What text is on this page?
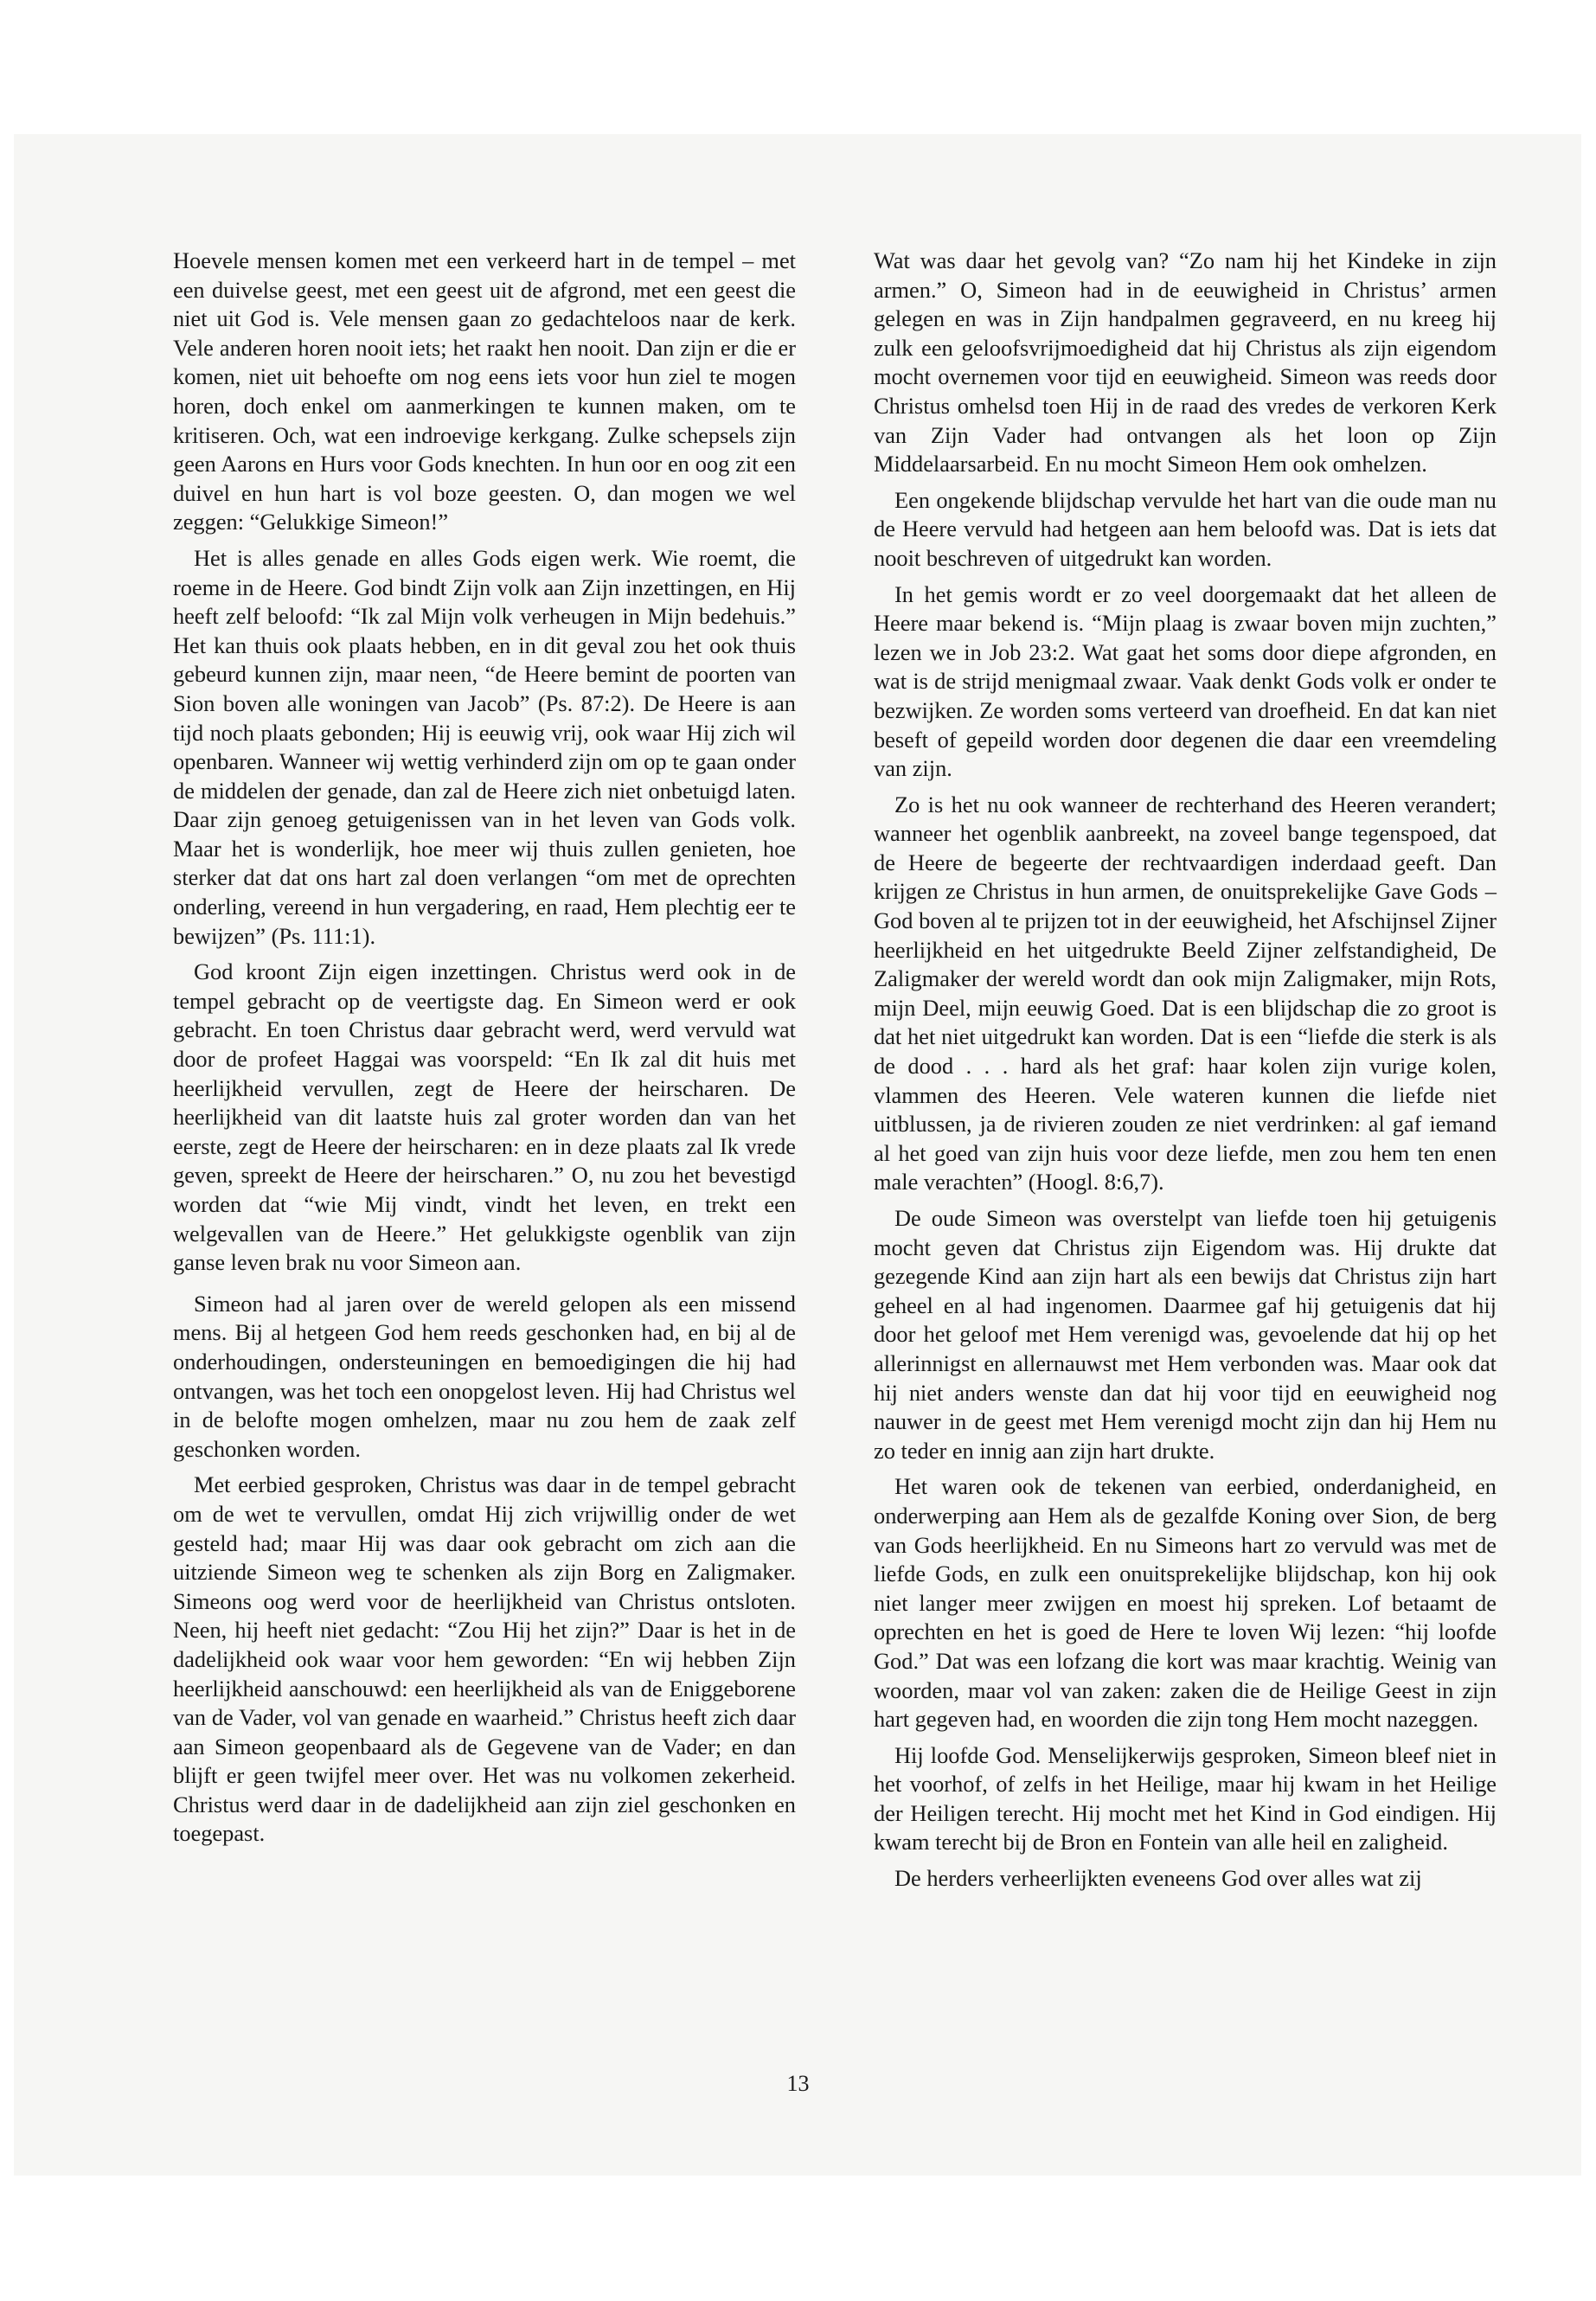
Hoevele mensen komen met een verkeerd hart in de tempel – met een duivelse geest, met een geest uit de afgrond, met een geest die niet uit God is. Vele mensen gaan zo gedachteloos naar de kerk. Vele anderen horen nooit iets; het raakt hen nooit. Dan zijn er die er komen, niet uit behoefte om nog eens iets voor hun ziel te mogen horen, doch enkel om aanmerkingen te kunnen maken, om te kritiseren. Och, wat een indroevige kerkgang. Zulke schepsels zijn geen Aarons en Hurs voor Gods knechten. In hun oor en oog zit een duivel en hun hart is vol boze geesten. O, dan mogen we wel zeggen: “Gelukkige Simeon!”

Het is alles genade en alles Gods eigen werk. Wie roemt, die roeme in de Heere. God bindt Zijn volk aan Zijn inzettingen, en Hij heeft zelf beloofd: “Ik zal Mijn volk verheugen in Mijn bedehuis.” Het kan thuis ook plaats hebben, en in dit geval zou het ook thuis gebeurd kunnen zijn, maar neen, “de Heere bemint de poorten van Sion boven alle woningen van Jacob” (Ps. 87:2). De Heere is aan tijd noch plaats gebonden; Hij is eeuwig vrij, ook waar Hij zich wil openbaren. Wanneer wij wettig verhinderd zijn om op te gaan onder de middelen der genade, dan zal de Heere zich niet onbetuigd laten. Daar zijn genoeg getuigenissen van in het leven van Gods volk. Maar het is wonderlijk, hoe meer wij thuis zullen genieten, hoe sterker dat dat ons hart zal doen verlangen “om met de oprechten onderling, vereend in hun vergadering, en raad, Hem plechtig eer te bewijzen” (Ps. 111:1).

God kroont Zijn eigen inzettingen. Christus werd ook in de tempel gebracht op de veertigste dag. En Simeon werd er ook gebracht. En toen Christus daar gebracht werd, werd vervuld wat door de profeet Haggai was voorspeld: “En Ik zal dit huis met heerlijkheid vervullen, zegt de Heere der heirscharen. De heerlijkheid van dit laatste huis zal groter worden dan van het eerste, zegt de Heere der heirscharen: en in deze plaats zal Ik vrede geven, spreekt de Heere der heirscharen.” O, nu zou het bevestigd worden dat “wie Mij vindt, vindt het leven, en trekt een welgevallen van de Heere.” Het gelukkigste ogenblik van zijn ganse leven brak nu voor Simeon aan.

Simeon had al jaren over de wereld gelopen als een missend mens. Bij al hetgeen God hem reeds geschonken had, en bij al de onderhoudingen, ondersteuningen en bemoedigingen die hij had ontvangen, was het toch een onopgelost leven. Hij had Christus wel in de belofte mogen omhelzen, maar nu zou hem de zaak zelf geschonken worden.

Met eerbied gesproken, Christus was daar in de tempel gebracht om de wet te vervullen, omdat Hij zich vrijwillig onder de wet gesteld had; maar Hij was daar ook gebracht om zich aan die uitziende Simeon weg te schenken als zijn Borg en Zaligmaker. Simeons oog werd voor de heerlijkheid van Christus ontsloten. Neen, hij heeft niet gedacht: “Zou Hij het zijn?” Daar is het in de dadelijkheid ook waar voor hem geworden: “En wij hebben Zijn heerlijkheid aanschouwd: een heerlijkheid als van de Eniggeborene van de Vader, vol van genade en waarheid.” Christus heeft zich daar aan Simeon geopenbaard als de Gegevene van de Vader; en dan blijft er geen twijfel meer over. Het was nu volkomen zekerheid. Christus werd daar in de dadelijkheid aan zijn ziel geschonken en toegepast.

Wat was daar het gevolg van? “Zo nam hij het Kindeke in zijn armen.” O, Simeon had in de eeuwigheid in Christus’ armen gelegen en was in Zijn handpalmen gegraveerd, en nu kreeg hij zulk een geloofsvrijmoedigheid dat hij Christus als zijn eigendom mocht overnemen voor tijd en eeuwigheid. Simeon was reeds door Christus omhelsd toen Hij in de raad des vredes de verkoren Kerk van Zijn Vader had ontvangen als het loon op Zijn Middelaarsarbeid. En nu mocht Simeon Hem ook omhelzen.

Een ongekende blijdschap vervulde het hart van die oude man nu de Heere vervuld had hetgeen aan hem beloofd was. Dat is iets dat nooit beschreven of uitgedrukt kan worden.

In het gemis wordt er zo veel doorgemaakt dat het alleen de Heere maar bekend is. “Mijn plaag is zwaar boven mijn zuchten,” lezen we in Job 23:2. Wat gaat het soms door diepe afgronden, en wat is de strijd menigmaal zwaar. Vaak denkt Gods volk er onder te bezwijken. Ze worden soms verteerd van droefheid. En dat kan niet beseft of gepeild worden door degenen die daar een vreemdeling van zijn.

Zo is het nu ook wanneer de rechterhand des Heeren verandert; wanneer het ogenblik aanbreekt, na zoveel bange tegenspoed, dat de Heere de begeerte der rechtvaardigen inderdaad geeft. Dan krijgen ze Christus in hun armen, de onuitsprekelijke Gave Gods – God boven al te prijzen tot in der eeuwigheid, het Afschijnsel Zijner heerlijkheid en het uitgedrukte Beeld Zijner zelfstandigheid, De Zaligmaker der wereld wordt dan ook mijn Zaligmaker, mijn Rots, mijn Deel, mijn eeuwig Goed. Dat is een blijdschap die zo groot is dat het niet uitgedrukt kan worden. Dat is een “liefde die sterk is als de dood . . . hard als het graf: haar kolen zijn vurige kolen, vlammen des Heeren. Vele wateren kunnen die liefde niet uitblussen, ja de rivieren zouden ze niet verdrinken: al gaf iemand al het goed van zijn huis voor deze liefde, men zou hem ten enen male verachten” (Hoogl. 8:6,7).

De oude Simeon was overstelpt van liefde toen hij getuigenis mocht geven dat Christus zijn Eigendom was. Hij drukte dat gezegende Kind aan zijn hart als een bewijs dat Christus zijn hart geheel en al had ingenomen. Daarmee gaf hij getuigenis dat hij door het geloof met Hem verenigd was, gevoelende dat hij op het allerinnigst en allernauwst met Hem verbonden was. Maar ook dat hij niet anders wenste dan dat hij voor tijd en eeuwigheid nog nauwer in de geest met Hem verenigd mocht zijn dan hij Hem nu zo teder en innig aan zijn hart drukte.

Het waren ook de tekenen van eerbied, onderdanigheid, en onderwerping aan Hem als de gezalfde Koning over Sion, de berg van Gods heerlijkheid. En nu Simeons hart zo vervuld was met de liefde Gods, en zulk een onuitsprekelijke blijdschap, kon hij ook niet langer meer zwijgen en moest hij spreken. Lof betaamt de oprechten en het is goed de Here te loven Wij lezen: “hij loofde God.” Dat was een lofzang die kort was maar krachtig. Weinig van woorden, maar vol van zaken: zaken die de Heilige Geest in zijn hart gegeven had, en woorden die zijn tong Hem mocht nazeggen.

Hij loofde God. Menselijkerwijs gesproken, Simeon bleef niet in het voorhof, of zelfs in het Heilige, maar hij kwam in het Heilige der Heiligen terecht. Hij mocht met het Kind in God eindigen. Hij kwam terecht bij de Bron en Fontein van alle heil en zaligheid.

De herders verheerlijkten eveneens God over alles wat zij

13
